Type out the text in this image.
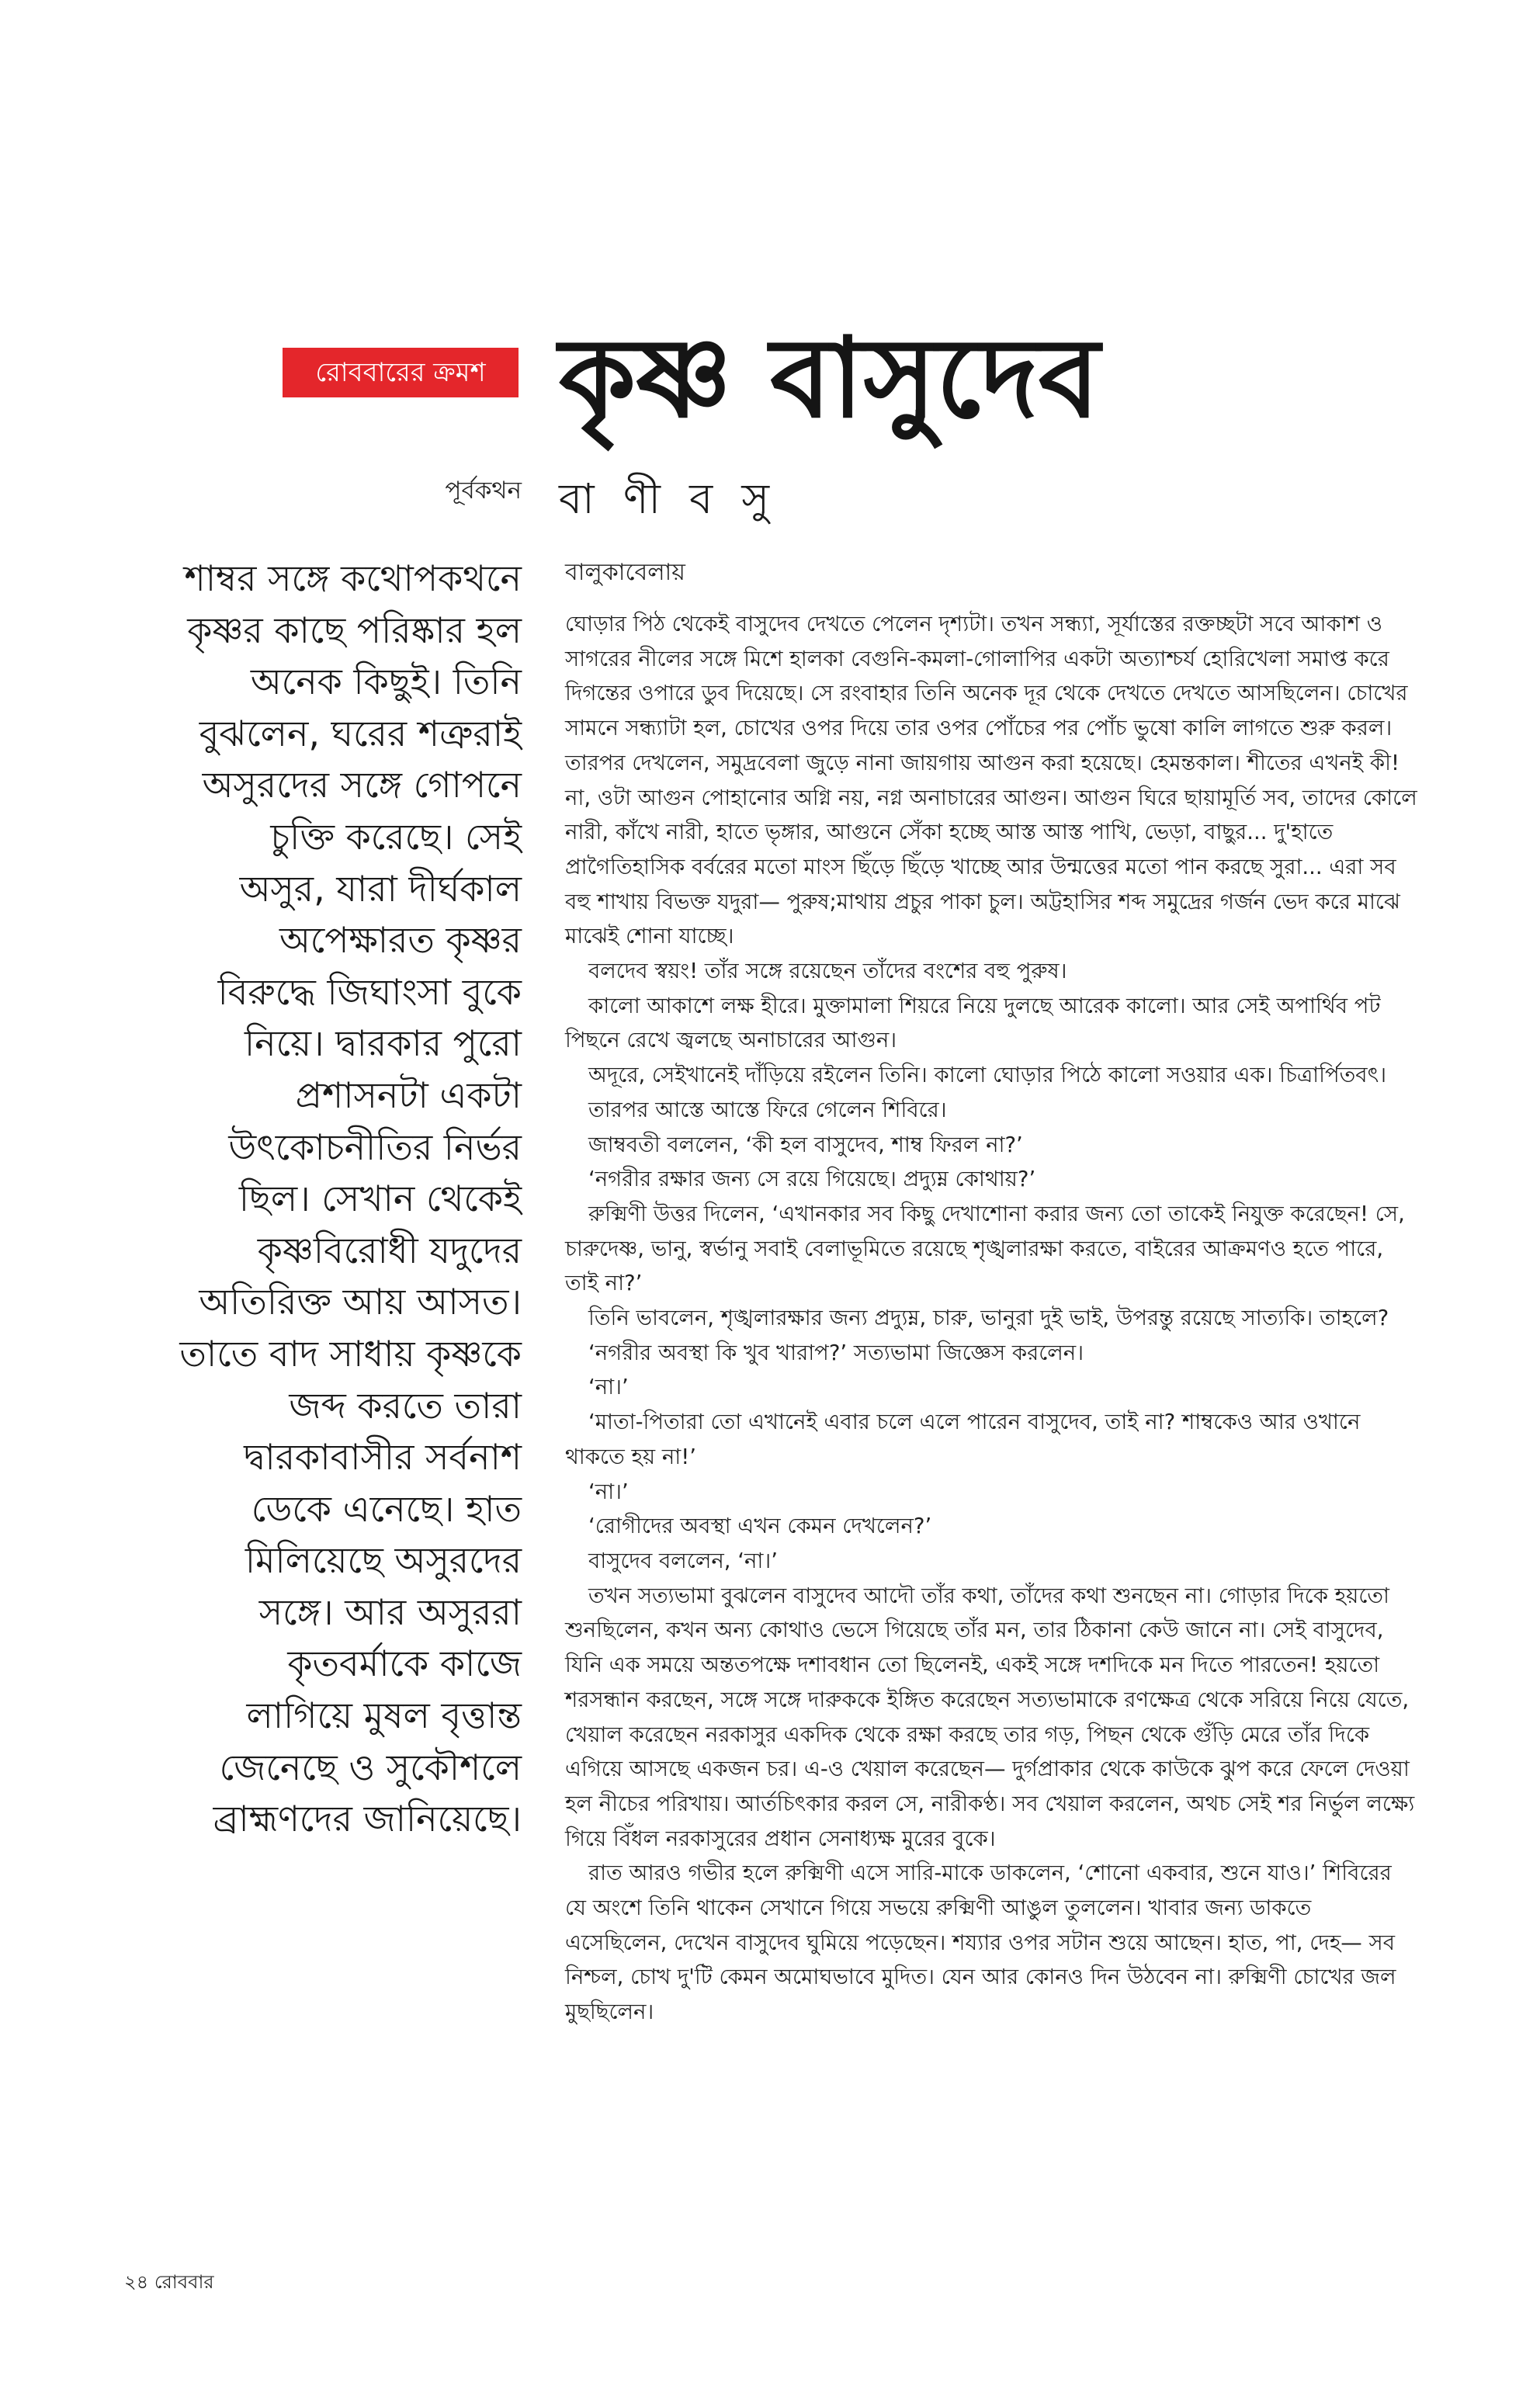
রোববারের ক্রমশ কৃষ্ণ বাসুদেব
পূর্বকথন বা ণী ব সু
শাম্বর সঙ্গে কথোপকথনে
কৃষ্ণর কাছে পরিষ্কার হল
অনেক কিছুই। তিনি
বুঝলেন, ঘরের শত্রুরাই
অসুরদের সঙ্গে গোপনে
চুক্তি করেছে। সেই
অসুর, যারা দীর্ঘকাল
অপেক্ষারত কৃষ্ণর
বিরুদ্ধে জিঘাংসা বুকে
নিয়ে। দ্বারকার পুরো
প্রশাসনটা একটা
উৎকোচনীতির নির্ভর
ছিল। সেখান থেকেই
কৃষ্ণবিরোধী যদুদের
অতিরিক্ত আয় আসত।
তাতে বাদ সাধায় কৃষ্ণকে
জব্দ করতে তারা
দ্বারকাবাসীর সর্বনাশ
ডেকে এনেছে। হাত
মিলিয়েছে অসুরদের
সঙ্গে। আর অসুররা
কৃতবর্মাকে কাজে
লাগিয়ে মুষল বৃত্তান্ত
জেনেছে ও সুকৌশলে
ব্রাহ্মণদের জানিয়েছে।
বালুকাবেলায়

ঘোড়ার পিঠ থেকেই বাসুদেব দেখতে পেলেন দৃশ্যটা। তখন সন্ধ্যা, সূর্যাস্তের রক্তচ্ছটা সবে আকাশ ও সাগরের নীলের সঙ্গে মিশে হালকা বেগুনি-কমলা-গোলাপির একটা অত্যাশ্চর্য হোরিখেলা সমাপ্ত করে দিগন্তের ওপারে ডুব দিয়েছে। সে রংবাহার তিনি অনেক দূর থেকে দেখতে দেখতে আসছিলেন। চোখের সামনে সন্ধ্যাটা হল, চোখের ওপর দিয়ে তার ওপর পোঁচের পর পোঁচ ভুষো কালি লাগতে শুরু করল। তারপর দেখলেন, সমুদ্রবেলা জুড়ে নানা জায়গায় আগুন করা হয়েছে। হেমন্তকাল। শীতের এখনই কী! না, ওটা আগুন পোহানোর অগ্নি নয়, নগ্ন অনাচারের আগুন। আগুন ঘিরে ছায়ামূর্তি সব, তাদের কোলে নারী, কাঁখে নারী, হাতে ভৃঙ্গার, আগুনে সেঁকা হচ্ছে আস্ত আস্ত পাখি, ভেড়া, বাছুর... দু'হাতে প্রাগৈতিহাসিক বর্বরের মতো মাংস ছিঁড়ে ছিঁড়ে খাচ্ছে আর উন্মত্তের মতো পান করছে সুরা... এরা সব বহু শাখায় বিভক্ত যদুরা— পুরুষ;মাথায় প্রচুর পাকা চুল। অট্টহাসির শব্দ সমুদ্রের গর্জন ভেদ করে মাঝে মাঝেই শোনা যাচ্ছে।

বলদেব স্বয়ং! তাঁর সঙ্গে রয়েছেন তাঁদের বংশের বহু পুরুষ।

কালো আকাশে লক্ষ হীরে। মুক্তামালা শিয়রে নিয়ে দুলছে আরেক কালো। আর সেই অপার্থিব পট পিছনে রেখে জ্বলছে অনাচারের আগুন।

অদূরে, সেইখানেই দাঁড়িয়ে রইলেন তিনি। কালো ঘোড়ার পিঠে কালো সওয়ার এক। চিত্রার্পিতবৎ।

তারপর আস্তে আস্তে ফিরে গেলেন শিবিরে।

জাম্ববতী বললেন, ‘কী হল বাসুদেব, শাম্ব ফিরল না?’

‘নগরীর রক্ষার জন্য সে রয়ে গিয়েছে। প্রদ্যুম্ন কোথায়?’

রুক্মিণী উত্তর দিলেন, ‘এখানকার সব কিছু দেখাশোনা করার জন্য তো তাকেই নিযুক্ত করেছেন! সে, চারুদেষ্ণ, ভানু, স্বর্ভানু সবাই বেলাভূমিতে রয়েছে শৃঙ্খলারক্ষা করতে, বাইরের আক্রমণও হতে পারে, তাই না?’

তিনি ভাবলেন, শৃঙ্খলারক্ষার জন্য প্রদ্যুম্ন, চারু, ভানুরা দুই ভাই, উপরন্তু রয়েছে সাত্যকি। তাহলে?

‘নগরীর অবস্থা কি খুব খারাপ?’ সত্যভামা জিজ্ঞেস করলেন।

‘না।’

‘মাতা-পিতারা তো এখানেই এবার চলে এলে পারেন বাসুদেব, তাই না? শাম্বকেও আর ওখানে থাকতে হয় না!’

‘না।’

‘রোগীদের অবস্থা এখন কেমন দেখলেন?’

বাসুদেব বললেন, ‘না।’

তখন সত্যভামা বুঝলেন বাসুদেব আদৌ তাঁর কথা, তাঁদের কথা শুনছেন না। গোড়ার দিকে হয়তো শুনছিলেন, কখন অন্য কোথাও ভেসে গিয়েছে তাঁর মন, তার ঠিকানা কেউ জানে না। সেই বাসুদেব, যিনি এক সময়ে অন্ততপক্ষে দশাবধান তো ছিলেনই, একই সঙ্গে দশদিকে মন দিতে পারতেন! হয়তো শরসন্ধান করছেন, সঙ্গে সঙ্গে দারুককে ইঙ্গিত করেছেন সত্যভামাকে রণক্ষেত্র থেকে সরিয়ে নিয়ে যেতে, খেয়াল করেছেন নরকাসুর একদিক থেকে রক্ষা করছে তার গড়, পিছন থেকে গুঁড়ি মেরে তাঁর দিকে এগিয়ে আসছে একজন চর। এ-ও খেয়াল করেছেন— দুর্গপ্রাকার থেকে কাউকে ঝুপ করে ফেলে দেওয়া হল নীচের পরিখায়। আর্তচিৎকার করল সে, নারীকণ্ঠ। সব খেয়াল করলেন, অথচ সেই শর নির্ভুল লক্ষ্যে গিয়ে বিঁধল নরকাসুরের প্রধান সেনাধ্যক্ষ মুরের বুকে।

রাত আরও গভীর হলে রুক্মিণী এসে সারি-মাকে ডাকলেন, ‘শোনো একবার, শুনে যাও।’ শিবিরের যে অংশে তিনি থাকেন সেখানে গিয়ে সভয়ে রুক্মিণী আঙুল তুললেন। খাবার জন্য ডাকতে এসেছিলেন, দেখেন বাসুদেব ঘুমিয়ে পড়েছেন। শয্যার ওপর সটান শুয়ে আছেন। হাত, পা, দেহ— সব নিশ্চল, চোখ দু'টি কেমন অমোঘভাবে মুদিত। যেন আর কোনও দিন উঠবেন না। রুক্মিণী চোখের জল মুছছিলেন।

২৪ রোববার
